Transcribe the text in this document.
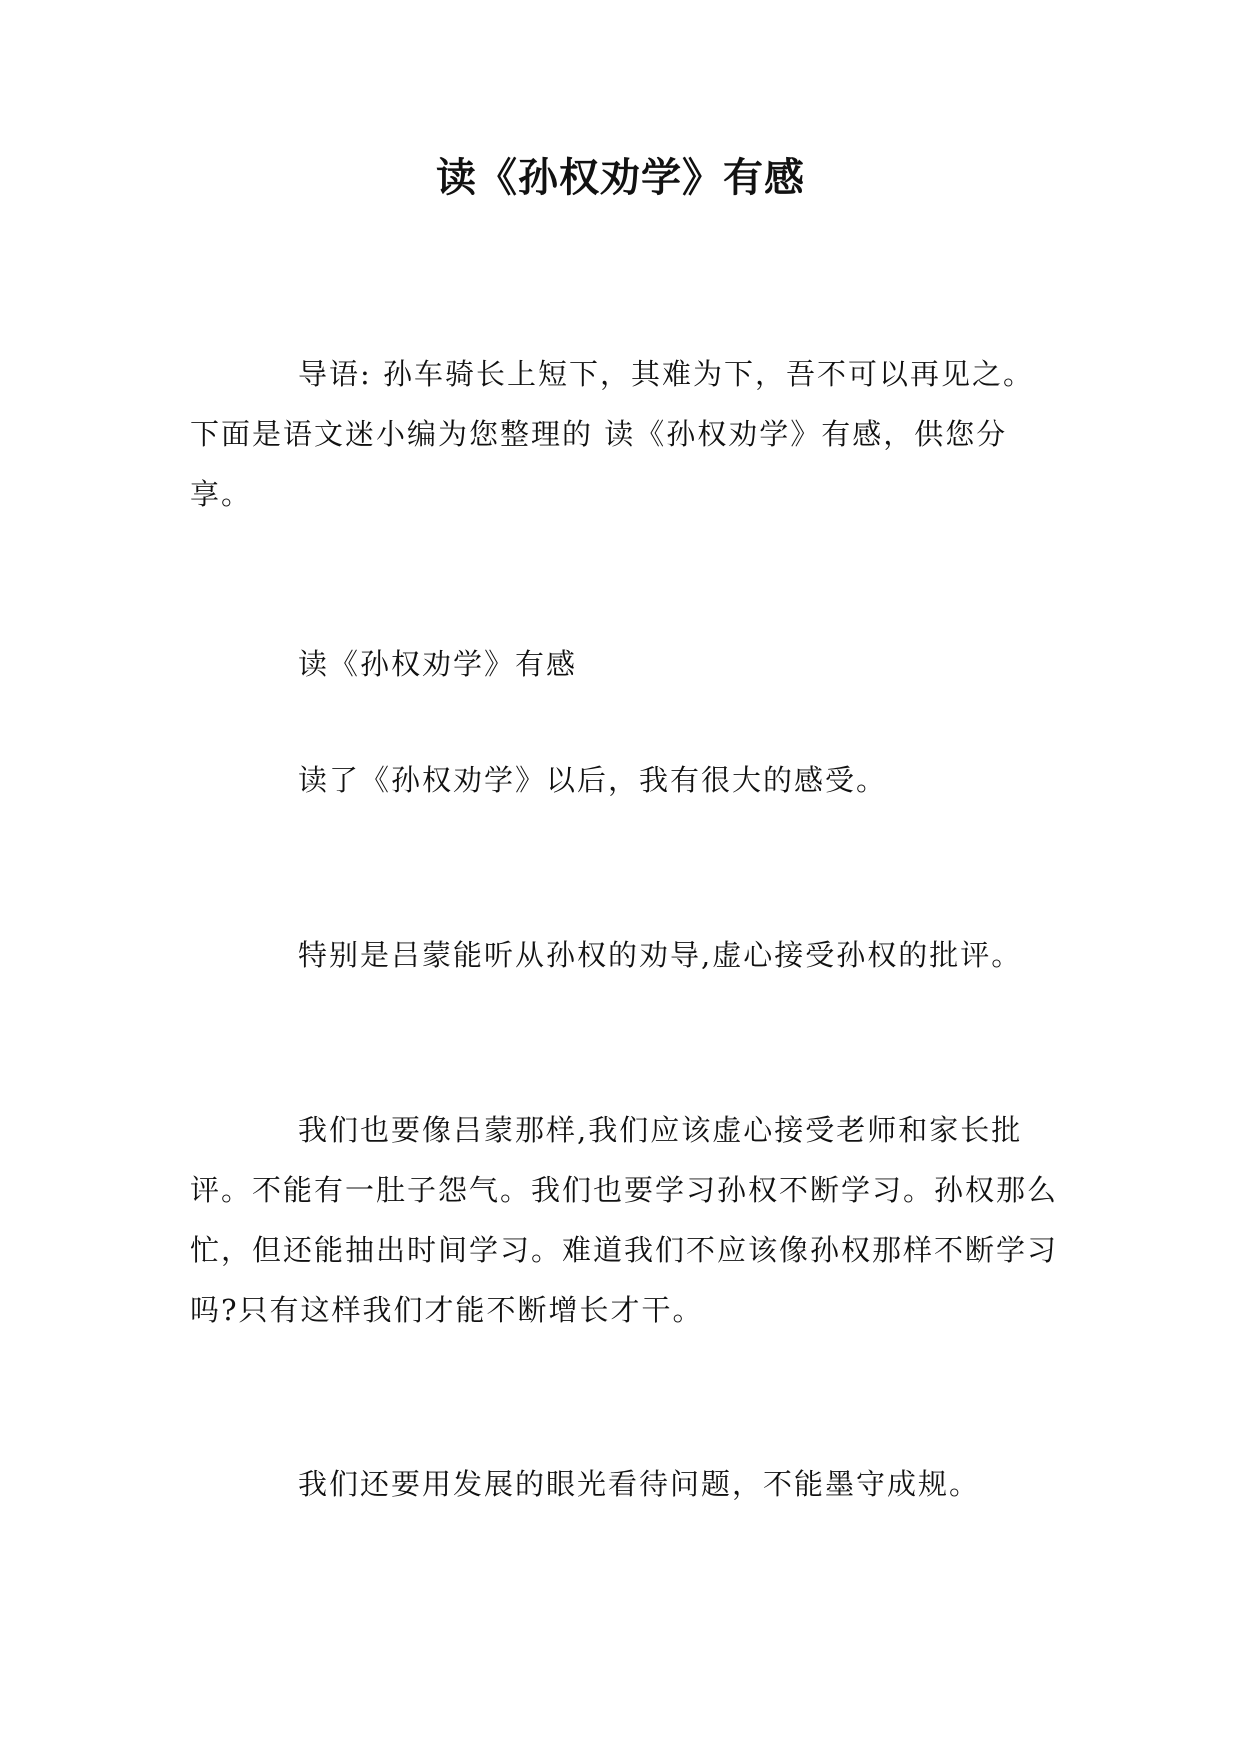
读《孙权劝学》有感

导语: 孙车骑长上短下，其难为下，吾不可以再见之。下面是语文迷小编为您整理的 读《孙权劝学》有感，供您分享。

读《孙权劝学》有感

读了《孙权劝学》以后，我有很大的感受。

特别是吕蒙能听从孙权的劝导,虚心接受孙权的批评。

我们也要像吕蒙那样,我们应该虚心接受老师和家长批评。不能有一肚子怨气。我们也要学习孙权不断学习。孙权那么忙，但还能抽出时间学习。难道我们不应该像孙权那样不断学习吗?只有这样我们才能不断增长才干。

我们还要用发展的眼光看待问题，不能墨守成规。
